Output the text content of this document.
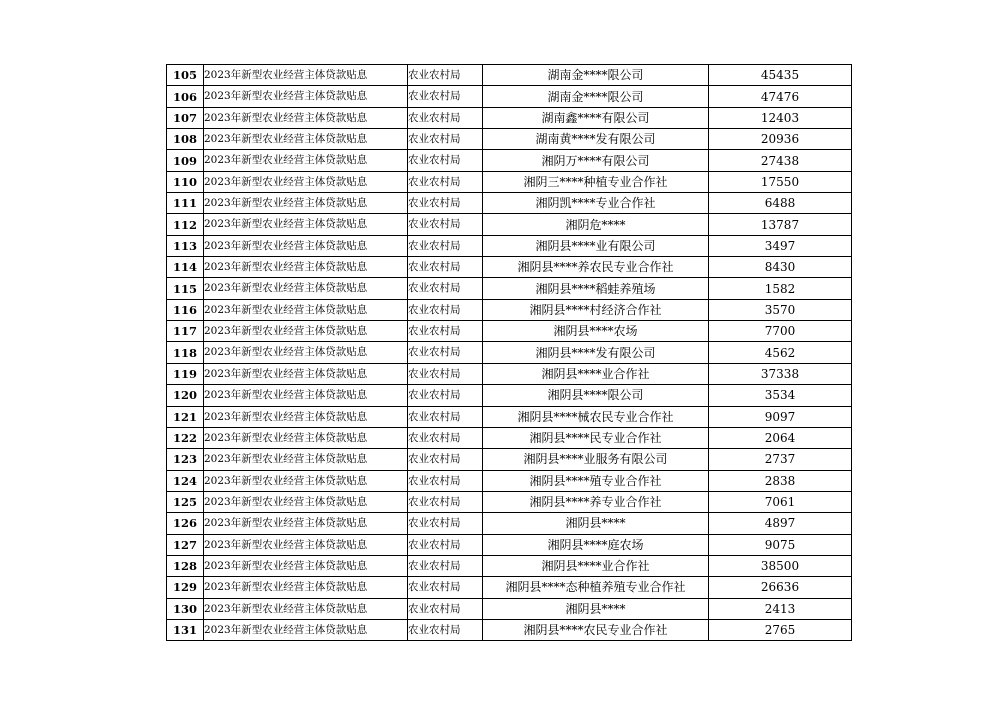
105	2023年新型农业经营主体贷款贴息	农业农村局	湖南金****限公司	45435
106	2023年新型农业经营主体贷款贴息	农业农村局	湖南金****限公司	47476
107	2023年新型农业经营主体贷款贴息	农业农村局	湖南鑫****有限公司	12403
108	2023年新型农业经营主体贷款贴息	农业农村局	湖南黄****发有限公司	20936
109	2023年新型农业经营主体贷款贴息	农业农村局	湘阴万****有限公司	27438
110	2023年新型农业经营主体贷款贴息	农业农村局	湘阴三****种植专业合作社	17550
111	2023年新型农业经营主体贷款贴息	农业农村局	湘阴凯****专业合作社	6488
112	2023年新型农业经营主体贷款贴息	农业农村局	湘阴危****	13787
113	2023年新型农业经营主体贷款贴息	农业农村局	湘阴县****业有限公司	3497
114	2023年新型农业经营主体贷款贴息	农业农村局	湘阴县****养农民专业合作社	8430
115	2023年新型农业经营主体贷款贴息	农业农村局	湘阴县****稻蛙养殖场	1582
116	2023年新型农业经营主体贷款贴息	农业农村局	湘阴县****村经济合作社	3570
117	2023年新型农业经营主体贷款贴息	农业农村局	湘阴县****农场	7700
118	2023年新型农业经营主体贷款贴息	农业农村局	湘阴县****发有限公司	4562
119	2023年新型农业经营主体贷款贴息	农业农村局	湘阴县****业合作社	37338
120	2023年新型农业经营主体贷款贴息	农业农村局	湘阴县****限公司	3534
121	2023年新型农业经营主体贷款贴息	农业农村局	湘阴县****械农民专业合作社	9097
122	2023年新型农业经营主体贷款贴息	农业农村局	湘阴县****民专业合作社	2064
123	2023年新型农业经营主体贷款贴息	农业农村局	湘阴县****业服务有限公司	2737
124	2023年新型农业经营主体贷款贴息	农业农村局	湘阴县****殖专业合作社	2838
125	2023年新型农业经营主体贷款贴息	农业农村局	湘阴县****养专业合作社	7061
126	2023年新型农业经营主体贷款贴息	农业农村局	湘阴县****	4897
127	2023年新型农业经营主体贷款贴息	农业农村局	湘阴县****庭农场	9075
128	2023年新型农业经营主体贷款贴息	农业农村局	湘阴县****业合作社	38500
129	2023年新型农业经营主体贷款贴息	农业农村局	湘阴县****态种植养殖专业合作社	26636
130	2023年新型农业经营主体贷款贴息	农业农村局	湘阴县****	2413
131	2023年新型农业经营主体贷款贴息	农业农村局	湘阴县****农民专业合作社	2765
